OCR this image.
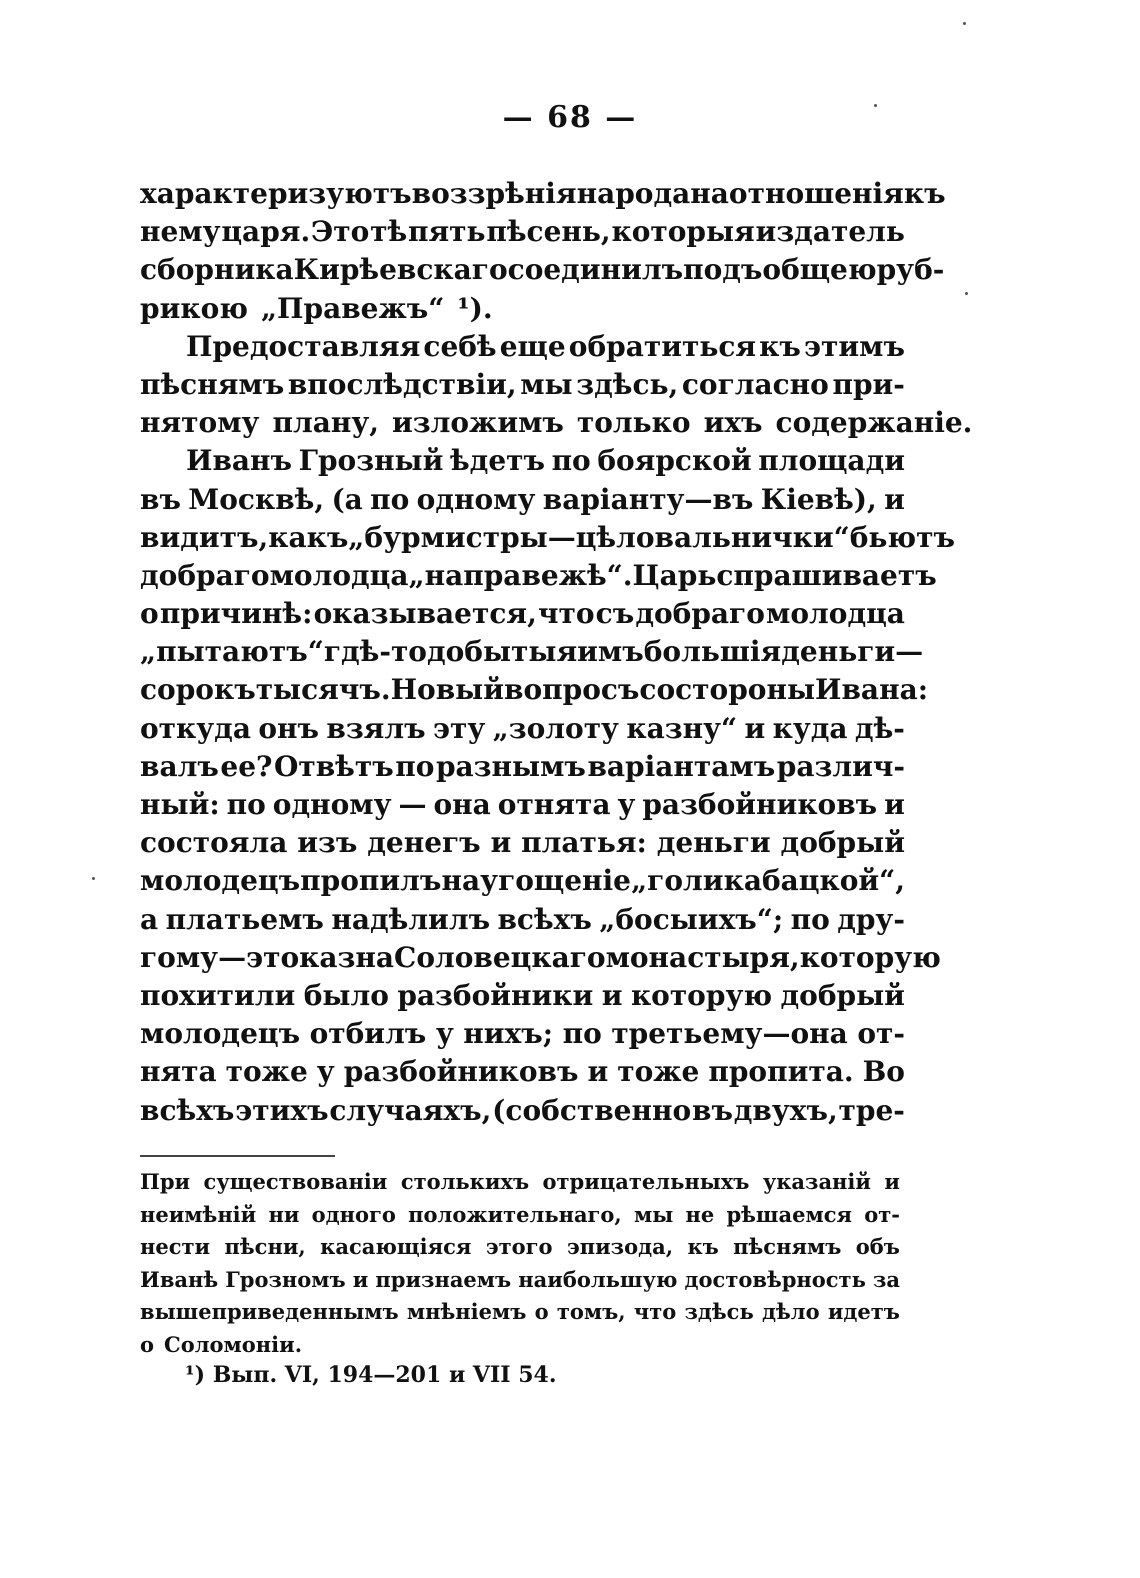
— 68 —
характеризуютъ воззрѣнія народа на отношенія къ
нему царя. Это тѣ пять пѣсень, которыя издатель
сборника Кирѣевскаго соединилъ подъ общею руб-
рикою „Правежъ“ ¹).
Предоставляя себѣ еще обратиться къ этимъ
пѣснямъ впослѣдствіи, мы здѣсь, согласно при-
нятому плану, изложимъ только ихъ содержаніе.
Иванъ Грозный ѣдетъ по боярской площади
въ Москвѣ, (а по одному варіанту—въ Кіевѣ), и
видитъ, какъ „бурмистры—цѣловальнички“ бьютъ
добраго молодца „на правежѣ“. Царь спрашиваетъ
о причинѣ: оказывается, что съ добраго молодца
„пытаютъ“ гдѣ-то добытыя имъ большія деньги—
сорокъ тысячъ. Новый вопросъ со стороны Ивана:
откуда онъ взялъ эту „золоту казну“ и куда дѣ-
валъ ее? Отвѣтъ по разнымъ варіантамъ различ-
ный: по одному — она отнята у разбойниковъ и
состояла изъ денегъ и платья: деньги добрый
молодецъ пропилъ на угощеніе „голи кабацкой“,
а платьемъ надѣлилъ всѣхъ „босыихъ“; по дру-
гому—это казна Соловецкаго монастыря, которую
похитили было разбойники и которую добрый
молодецъ отбилъ у нихъ; по третьему—она от-
нята тоже у разбойниковъ и тоже пропита. Во
всѣхъ этихъ случаяхъ, (собственно въ двухъ, тре-
При существованіи столькихъ отрицательныхъ указаній и
неимѣній ни одного положительнаго, мы не рѣшаемся от-
нести пѣсни, касающіяся этого эпизода, къ пѣснямъ объ
Иванѣ Грозномъ и признаемъ наибольшую достовѣрность за
вышеприведеннымъ мнѣніемъ о томъ, что здѣсь дѣло идетъ
о Соломоніи.
¹) Вып. VI, 194—201 и VII 54.
